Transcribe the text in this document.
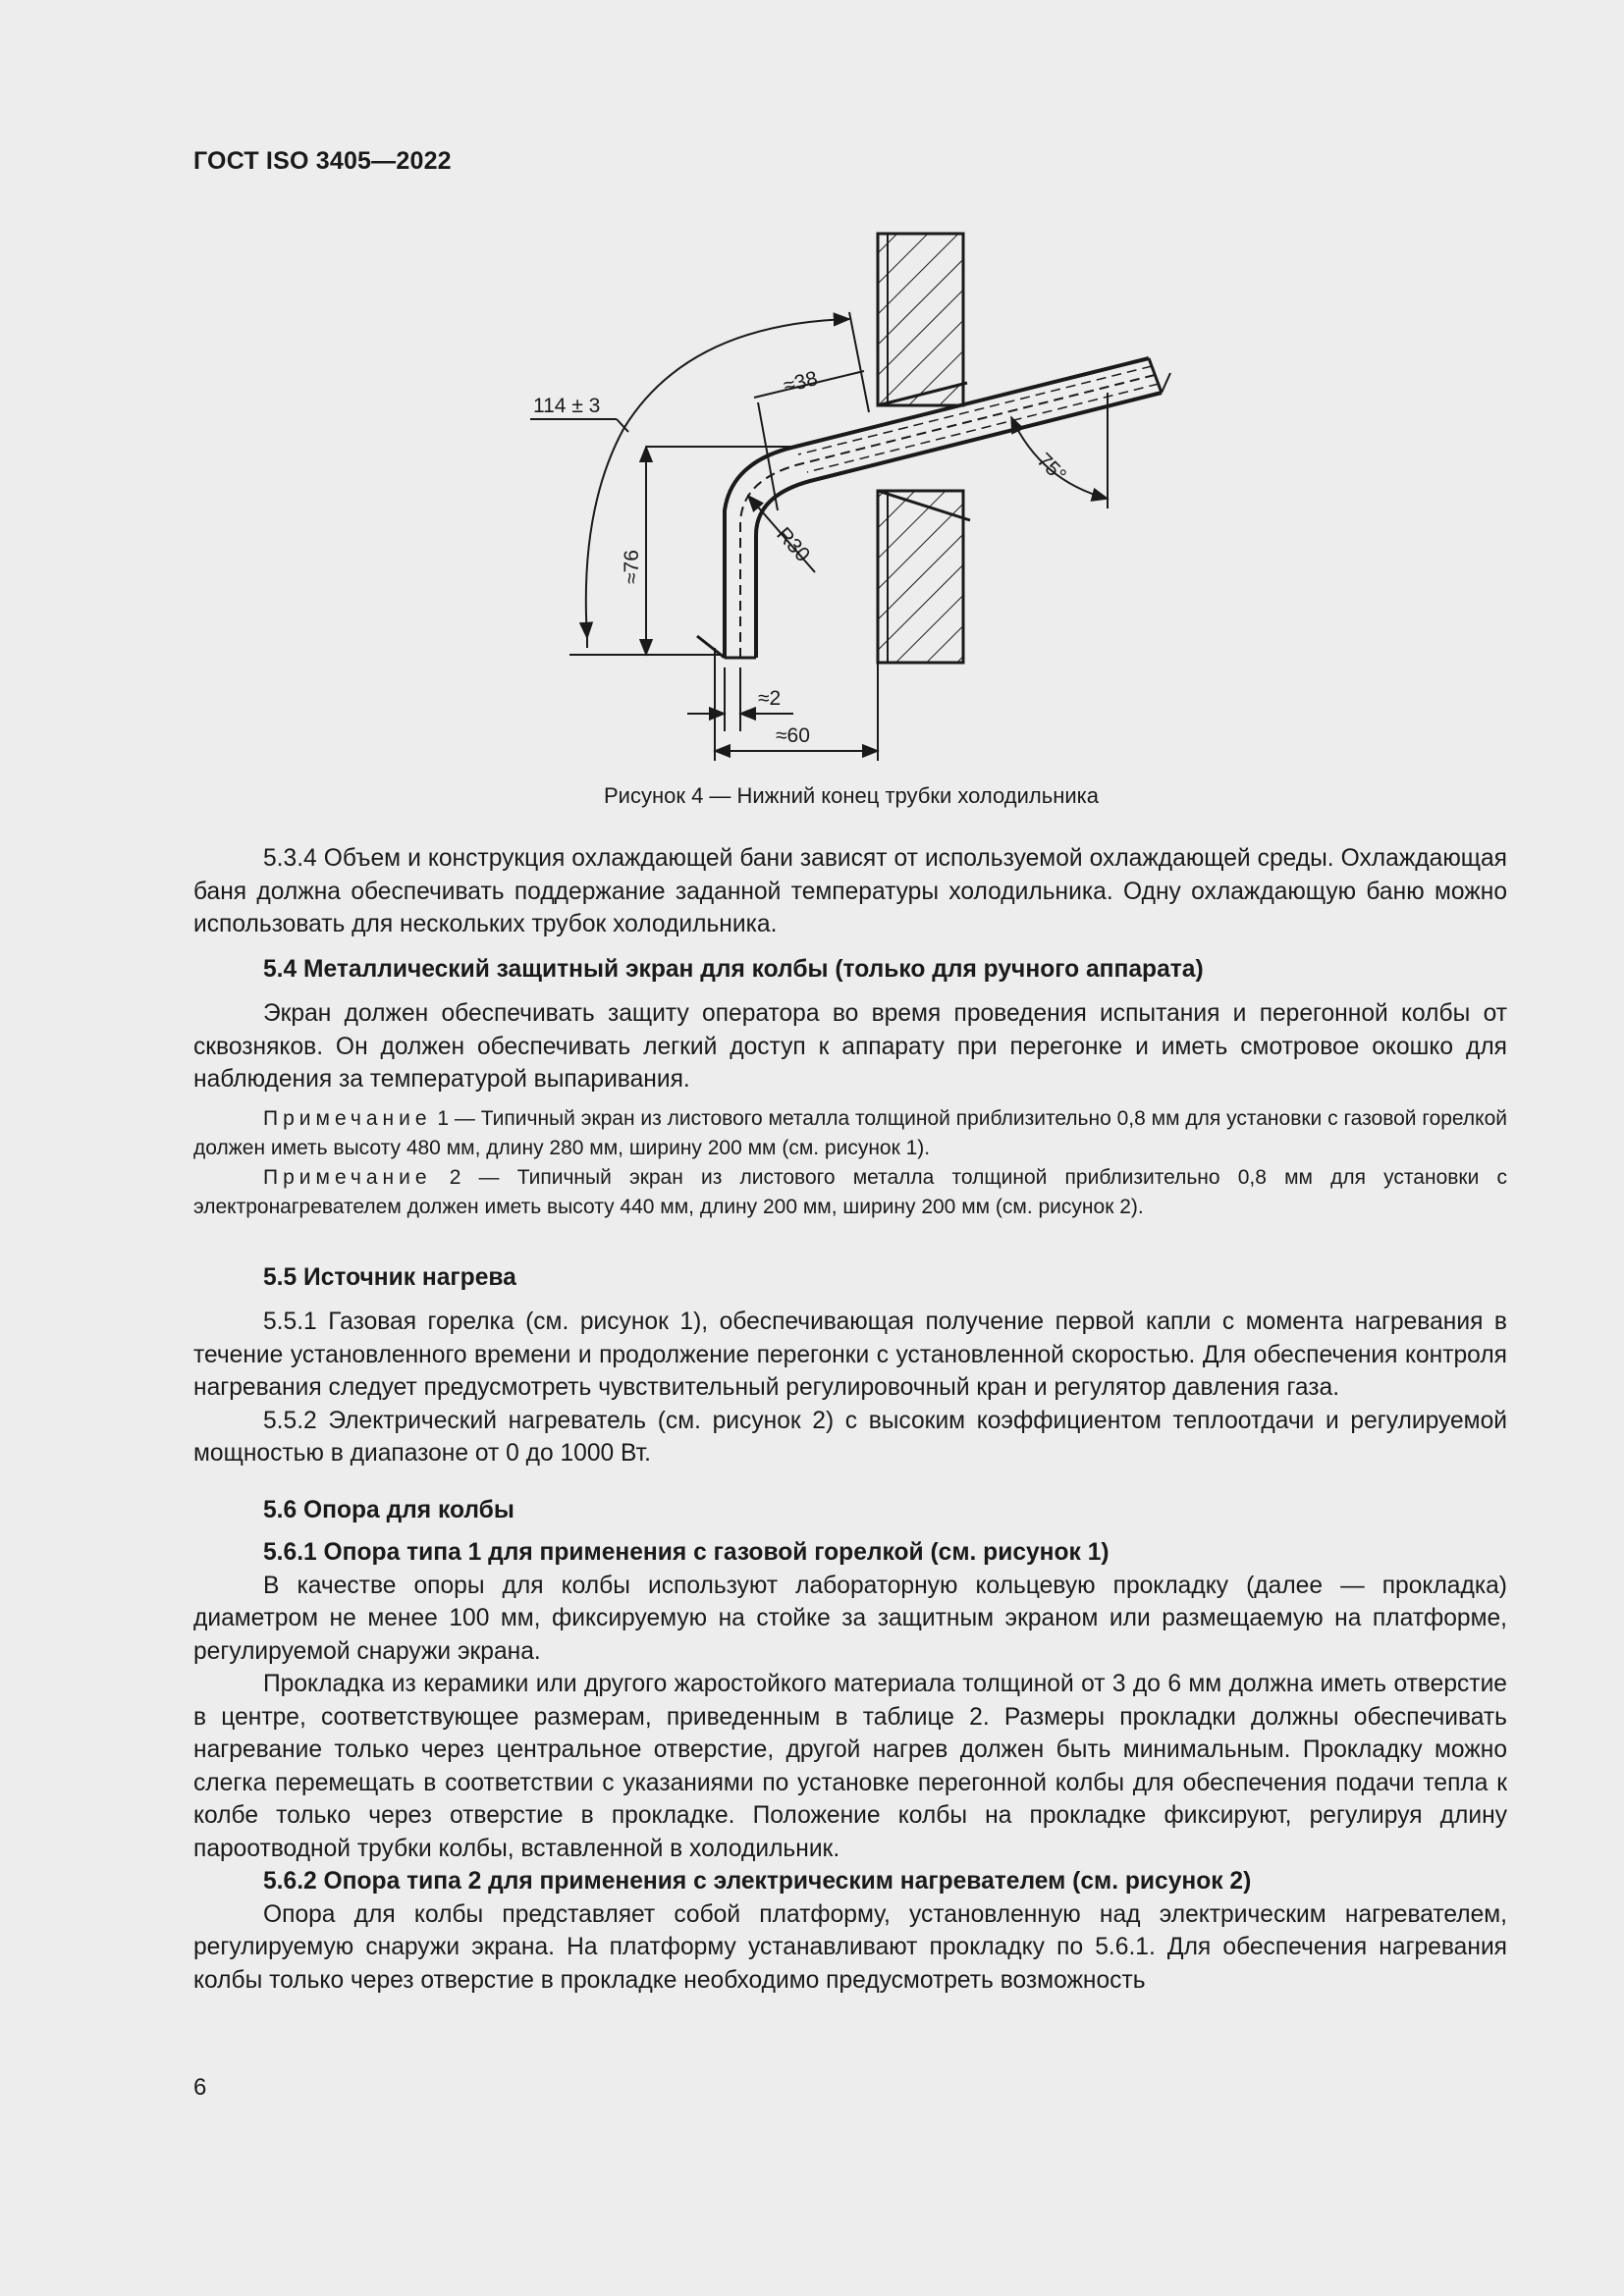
ГОСТ ISO 3405—2022
114 ± 3
≈38
≈76
R30
75°
≈2
≈60
Рисунок 4 — Нижний конец трубки холодильника

5.3.4 Объем и конструкция охлаждающей бани зависят от используемой охлаждающей среды. Охлаждающая баня должна обеспечивать поддержание заданной температуры холодильника. Одну охлаждающую баню можно использовать для нескольких трубок холодильника.

5.4 Металлический защитный экран для колбы (только для ручного аппарата)

Экран должен обеспечивать защиту оператора во время проведения испытания и перегонной колбы от сквозняков. Он должен обеспечивать легкий доступ к аппарату при перегонке и иметь смотровое окошко для наблюдения за температурой выпаривания.

Примечание 1 — Типичный экран из листового металла толщиной приблизительно 0,8 мм для установки с газовой горелкой должен иметь высоту 480 мм, длину 280 мм, ширину 200 мм (см. рисунок 1).
Примечание 2 — Типичный экран из листового металла толщиной приблизительно 0,8 мм для установки с электронагревателем должен иметь высоту 440 мм, длину 200 мм, ширину 200 мм (см. рисунок 2).
5.5 Источник нагрева

5.5.1 Газовая горелка (см. рисунок 1), обеспечивающая получение первой капли с момента нагревания в течение установленного времени и продолжение перегонки с установленной скоростью. Для обеспечения контроля нагревания следует предусмотреть чувствительный регулировочный кран и регулятор давления газа.

5.5.2 Электрический нагреватель (см. рисунок 2) с высоким коэффициентом теплоотдачи и регулируемой мощностью в диапазоне от 0 до 1000 Вт.

5.6 Опора для колбы
5.6.1 Опора типа 1 для применения с газовой горелкой (см. рисунок 1)

В качестве опоры для колбы используют лабораторную кольцевую прокладку (далее — прокладка) диаметром не менее 100 мм, фиксируемую на стойке за защитным экраном или размещаемую на платформе, регулируемой снаружи экрана.

Прокладка из керамики или другого жаростойкого материала толщиной от 3 до 6 мм должна иметь отверстие в центре, соответствующее размерам, приведенным в таблице 2. Размеры прокладки должны обеспечивать нагревание только через центральное отверстие, другой нагрев должен быть минимальным. Прокладку можно слегка перемещать в соответствии с указаниями по установке перегонной колбы для обеспечения подачи тепла к колбе только через отверстие в прокладке. Положение колбы на прокладке фиксируют, регулируя длину пароотводной трубки колбы, вставленной в холодильник.

5.6.2 Опора типа 2 для применения с электрическим нагревателем (см. рисунок 2)

Опора для колбы представляет собой платформу, установленную над электрическим нагревателем, регулируемую снаружи экрана. На платформу устанавливают прокладку по 5.6.1. Для обеспечения нагревания колбы только через отверстие в прокладке необходимо предусмотреть возможность

6
